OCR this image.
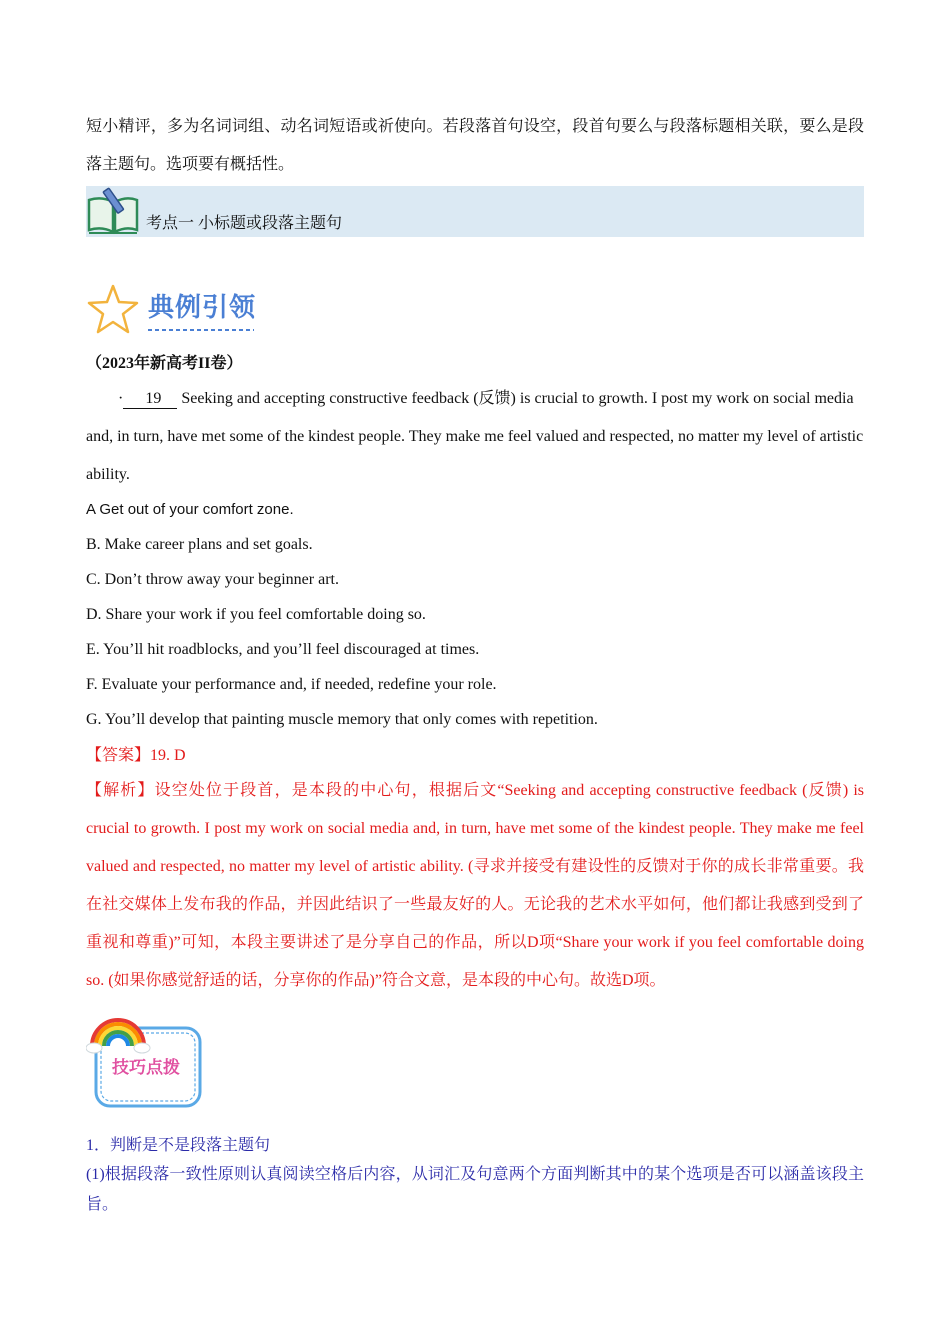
短小精评，多为名词词组、动名词短语或祈使向。若段落首句设空，段首句要么与段落标题相关联，要么是段落主题句。选项要有概括性。

考点一 小标题或段落主题句
典例引领

（2023年新高考II卷）

· 19 Seeking and accepting constructive feedback (反馈) is crucial to growth. I post my work on social media and, in turn, have met some of the kindest people. They make me feel valued and respected, no matter my level of artistic ability.

A Get out of your comfort zone.
B. Make career plans and set goals.
C. Don’t throw away your beginner art.
D. Share your work if you feel comfortable doing so.
E. You’ll hit roadblocks, and you’ll feel discouraged at times.
F. Evaluate your performance and, if needed, redefine your role.
G. You’ll develop that painting muscle memory that only comes with repetition.

【答案】19. D

【解析】设空处位于段首，是本段的中心句，根据后文“Seeking and accepting constructive feedback (反馈) is crucial to growth. I post my work on social media and, in turn, have met some of the kindest people. They make me feel valued and respected, no matter my level of artistic ability. (寻求并接受有建设性的反馈对于你的成长非常重要。我在社交媒体上发布我的作品，并因此结识了一些最友好的人。无论我的艺术水平如何，他们都让我感到受到了重视和尊重)”可知，本段主要讲述了是分享自己的作品，所以D项“Share your work if you feel comfortable doing so. (如果你感觉舒适的话，分享你的作品)”符合文意，是本段的中心句。故选D项。

技巧点拨
1．判断是不是段落主题句

(1)根据段落一致性原则认真阅读空格后内容，从词汇及句意两个方面判断其中的某个选项是否可以涵盖该段主旨。
